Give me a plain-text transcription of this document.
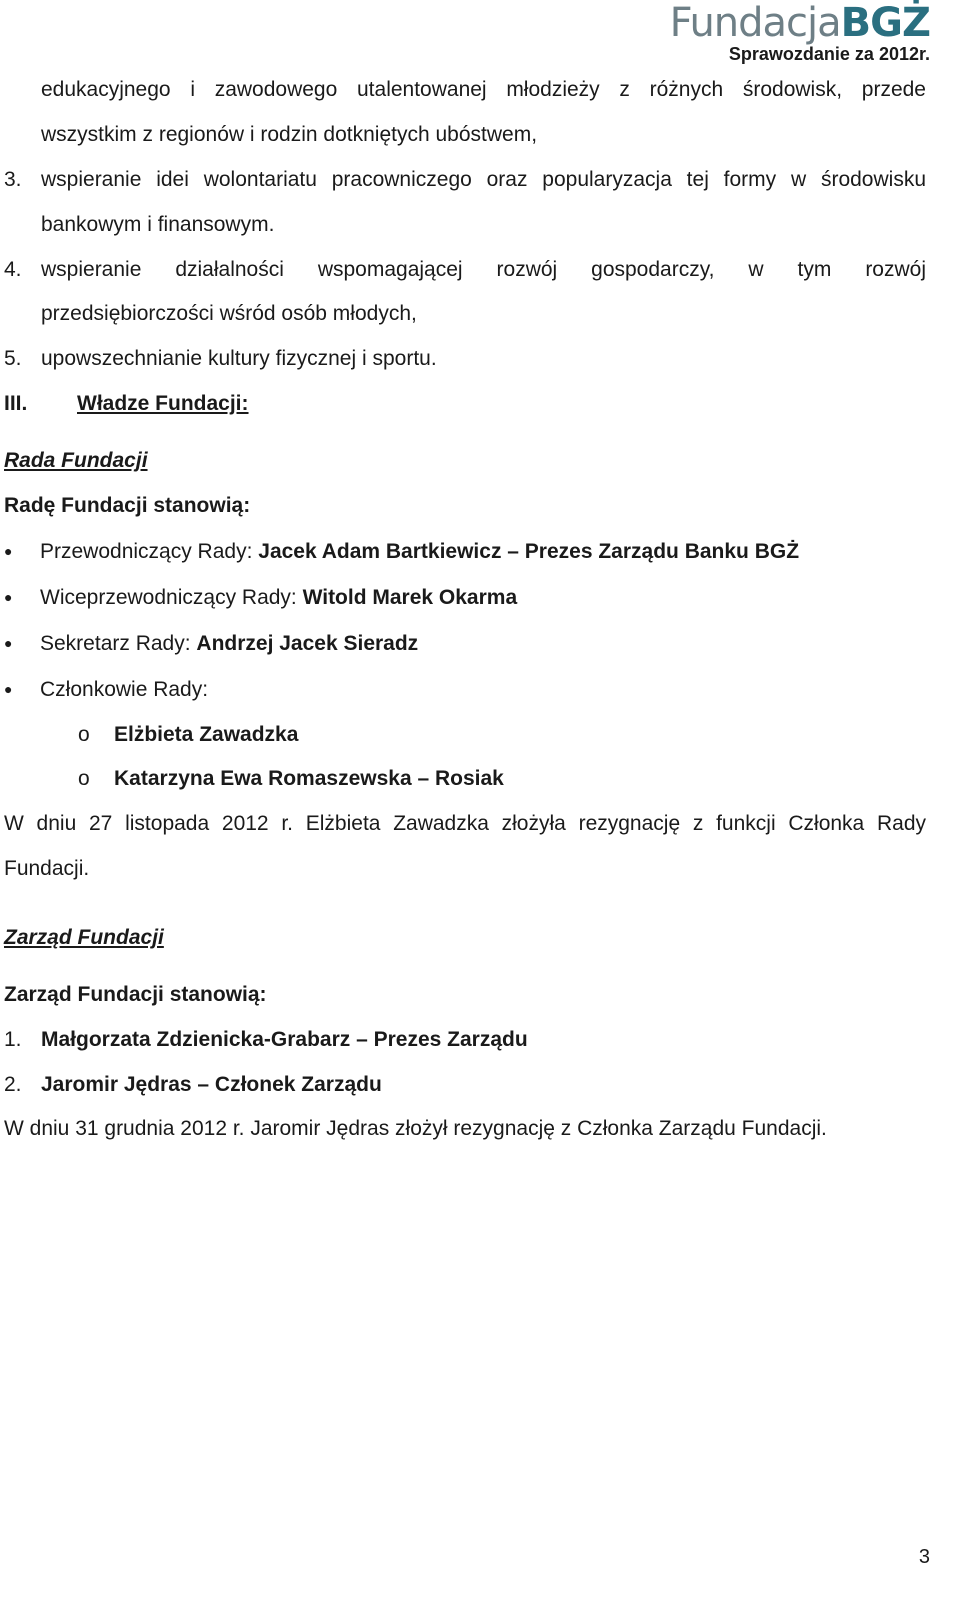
FundacjaBGŻ
Sprawozdanie za 2012r.
edukacyjnego i zawodowego utalentowanej młodzieży z różnych środowisk, przede
wszystkim z regionów i rodzin dotkniętych ubóstwem,
3. wspieranie idei wolontariatu pracowniczego oraz popularyzacja tej formy w środowisku
bankowym i finansowym.
4. wspieranie działalności wspomagającej rozwój gospodarczy, w tym rozwój
przedsiębiorczości wśród osób młodych,
5. upowszechnianie kultury fizycznej i sportu.
III. Władze Fundacji:
Rada Fundacji
Radę Fundacji stanowią:
● Przewodniczący Rady: Jacek Adam Bartkiewicz – Prezes Zarządu Banku BGŻ
● Wiceprzewodniczący Rady: Witold Marek Okarma
● Sekretarz Rady: Andrzej Jacek Sieradz
● Członkowie Rady:
o Elżbieta Zawadzka
o Katarzyna Ewa Romaszewska – Rosiak
W dniu 27 listopada 2012 r. Elżbieta Zawadzka złożyła rezygnację z funkcji Członka Rady
Fundacji.
Zarząd Fundacji
Zarząd Fundacji stanowią:
1. Małgorzata Zdzienicka-Grabarz – Prezes Zarządu
2. Jaromir Jędras – Członek Zarządu
W dniu 31 grudnia 2012 r. Jaromir Jędras złożył rezygnację z Członka Zarządu Fundacji.
3
